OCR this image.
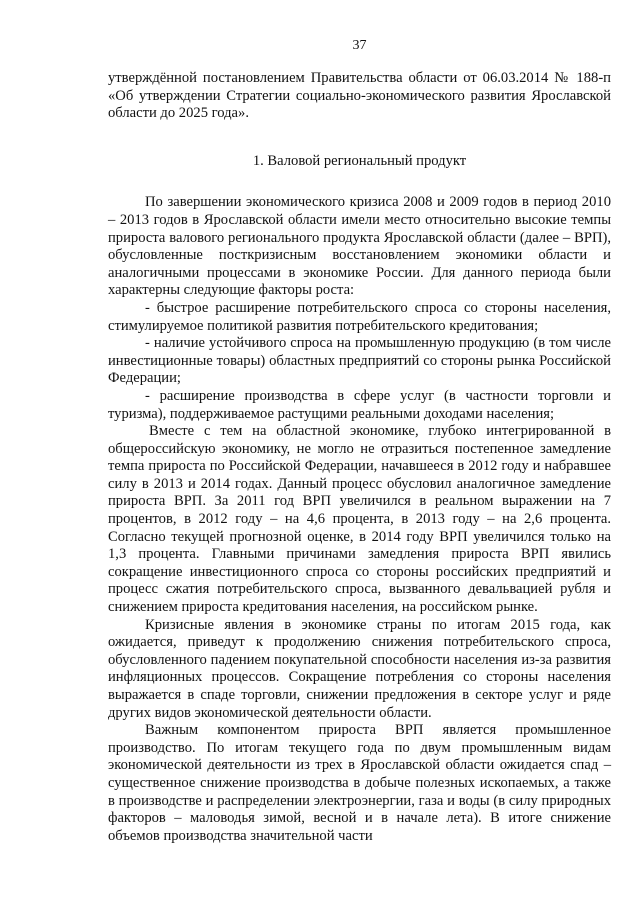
37

утверждённой постановлением Правительства области от 06.03.2014 № 188-п «Об утверждении Стратегии социально-экономического развития Ярославской области до 2025 года».

1. Валовой региональный продукт

По завершении экономического кризиса 2008 и 2009 годов в период 2010 – 2013 годов в Ярославской области имели место относительно высокие темпы прироста валового регионального продукта Ярославской области (далее – ВРП), обусловленные посткризисным восстановлением экономики области и аналогичными процессами в экономике России. Для данного периода были характерны следующие факторы роста:

- быстрое расширение потребительского спроса со стороны населения, стимулируемое политикой развития потребительского кредитования;

- наличие устойчивого спроса на промышленную продукцию (в том числе инвестиционные товары) областных предприятий со стороны рынка Российской Федерации;

- расширение производства в сфере услуг (в частности торговли и туризма), поддерживаемое растущими реальными доходами населения;

Вместе с тем на областной экономике, глубоко интегрированной в общероссийскую экономику, не могло не отразиться постепенное замедление темпа прироста по Российской Федерации, начавшееся в 2012 году и набравшее силу в 2013 и 2014 годах. Данный процесс обусловил аналогичное замедление прироста ВРП. За 2011 год ВРП увеличился в реальном выражении на 7 процентов, в 2012 году – на 4,6 процента, в 2013 году – на 2,6 процента. Согласно текущей прогнозной оценке, в 2014 году ВРП увеличился только на 1,3 процента. Главными причинами замедления прироста ВРП явились сокращение инвестиционного спроса со стороны российских предприятий и процесс сжатия потребительского спроса, вызванного девальвацией рубля и снижением прироста кредитования населения, на российском рынке.

Кризисные явления в экономике страны по итогам 2015 года, как ожидается, приведут к продолжению снижения потребительского спроса, обусловленного падением покупательной способности населения из-за развития инфляционных процессов. Сокращение потребления со стороны населения выражается в спаде торговли, снижении предложения в секторе услуг и ряде других видов экономической деятельности области.

Важным компонентом прироста ВРП является промышленное производство. По итогам текущего года по двум промышленным видам экономической деятельности из трех в Ярославской области ожидается спад – существенное снижение производства в добыче полезных ископаемых, а также в производстве и распределении электроэнергии, газа и воды (в силу природных факторов – маловодья зимой, весной и в начале лета). В итоге снижение объемов производства значительной части
